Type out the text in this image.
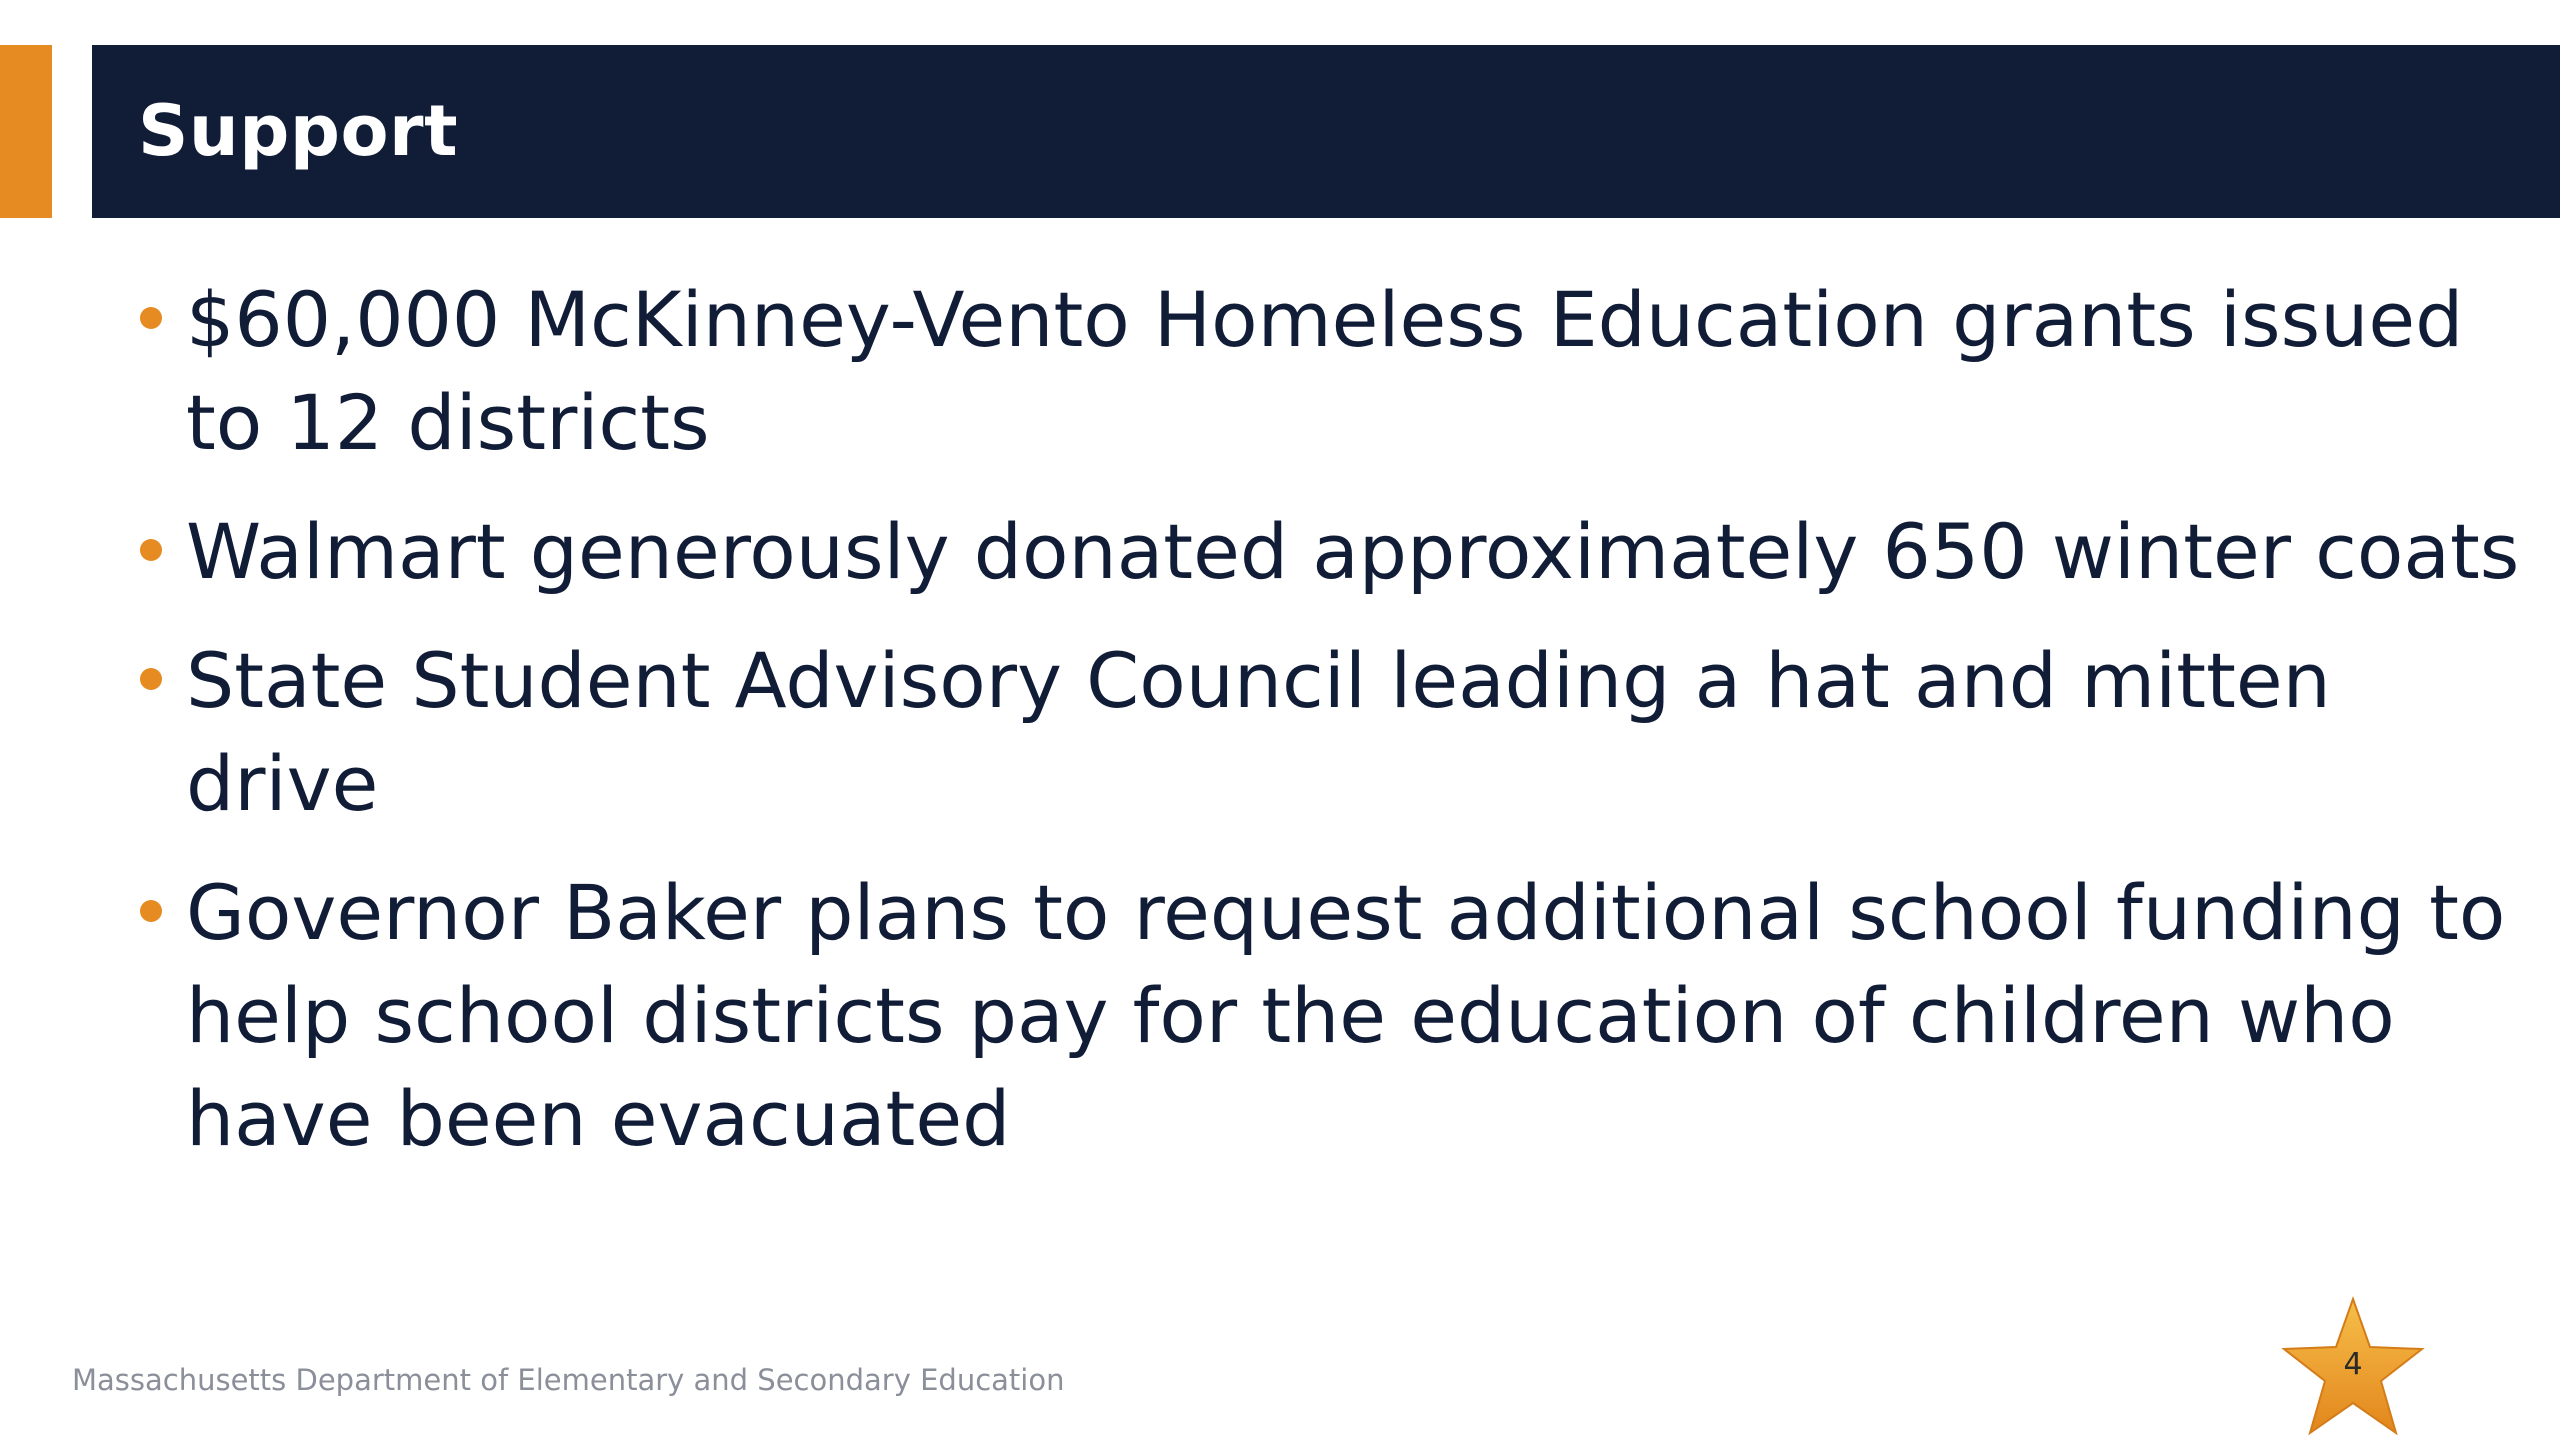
Support
$60,000 McKinney-Vento Homeless Education grants issued to 12 districts
Walmart generously donated approximately 650 winter coats
State Student Advisory Council leading a hat and mitten drive
Governor Baker plans to request additional school funding to help school districts pay for the education of children who have been evacuated
Massachusetts Department of Elementary and Secondary Education	4
